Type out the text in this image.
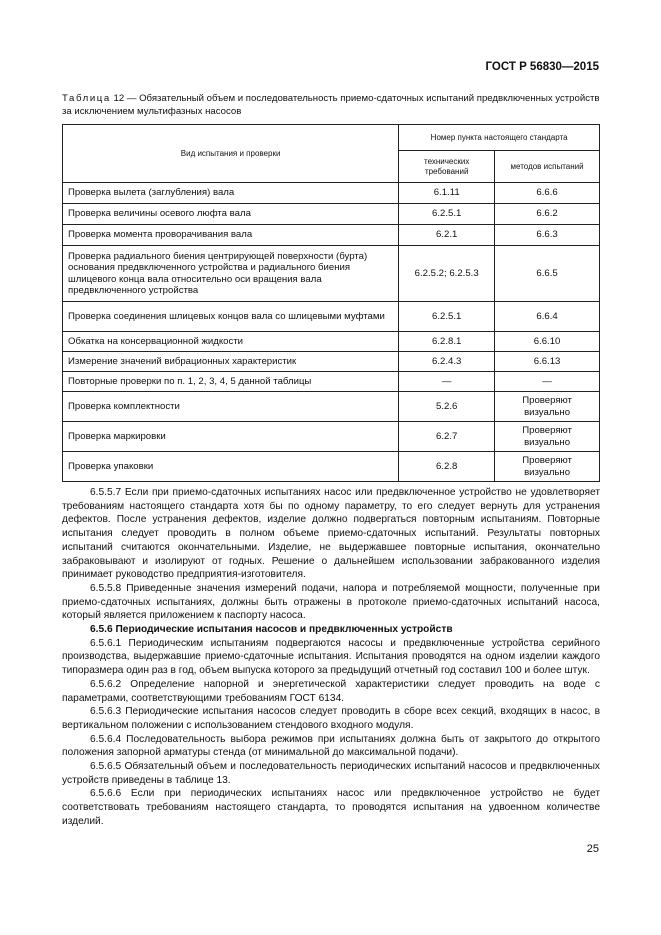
ГОСТ Р 56830—2015
Таблица 12 — Обязательный объем и последовательность приемо-сдаточных испытаний предвключенных устройств за исключением мультифазных насосов
Вид испытания и проверки	Номер пункта настоящего стандарта	
	технических требований	методов испытаний
Проверка вылета (заглубления) вала	6.1.11	6.6.6
Проверка величины осевого люфта вала	6.2.5.1	6.6.2
Проверка момента проворачивания вала	6.2.1	6.6.3
Проверка радиального биения центрирующей поверхности (бурта) основания предвключенного устройства и радиального биения шлицевого конца вала относительно оси вращения вала предвключенного устройства	6.2.5.2; 6.2.5.3	6.6.5
Проверка соединения шлицевых концов вала со шлицевыми муфтами	6.2.5.1	6.6.4
Обкатка на консервационной жидкости	6.2.8.1	6.6.10
Измерение значений вибрационных характеристик	6.2.4.3	6.6.13
Повторные проверки по п. 1, 2, 3, 4, 5 данной таблицы	—	—
Проверка комплектности	5.2.6	Проверяют визуально
Проверка маркировки	6.2.7	Проверяют визуально
Проверка упаковки	6.2.8	Проверяют визуально

6.5.5.7 Если при приемо-сдаточных испытаниях насос или предвключенное устройство не удовлетворяет требованиям настоящего стандарта хотя бы по одному параметру, то его следует вернуть для устранения дефектов. После устранения дефектов, изделие должно подвергаться повторным испытаниям. Повторные испытания следует проводить в полном объеме приемо-сдаточных испытаний. Результаты повторных испытаний считаются окончательными. Изделие, не выдержавшее повторные испытания, окончательно забраковывают и изолируют от годных. Решение о дальнейшем использовании забракованного изделия принимает руководство предприятия-изготовителя.

6.5.5.8 Приведенные значения измерений подачи, напора и потребляемой мощности, полученные при приемо-сдаточных испытаниях, должны быть отражены в протоколе приемо-сдаточных испытаний насоса, который является приложением к паспорту насоса.

6.5.6 Периодические испытания насосов и предвключенных устройств

6.5.6.1 Периодическим испытаниям подвергаются насосы и предвключенные устройства серийного производства, выдержавшие приемо-сдаточные испытания. Испытания проводятся на одном изделии каждого типоразмера один раз в год, объем выпуска которого за предыдущий отчетный год составил 100 и более штук.

6.5.6.2 Определение напорной и энергетической характеристики следует проводить на воде с параметрами, соответствующими требованиям ГОСТ 6134.

6.5.6.3 Периодические испытания насосов следует проводить в сборе всех секций, входящих в насос, в вертикальном положении с использованием стендового входного модуля.

6.5.6.4 Последовательность выбора режимов при испытаниях должна быть от закрытого до открытого положения запорной арматуры стенда (от минимальной до максимальной подачи).

6.5.6.5 Обязательный объем и последовательность периодических испытаний насосов и предвключенных устройств приведены в таблице 13.

6.5.6.6 Если при периодических испытаниях насос или предвключенное устройство не будет соответствовать требованиям настоящего стандарта, то проводятся испытания на удвоенном количестве изделий.

25
